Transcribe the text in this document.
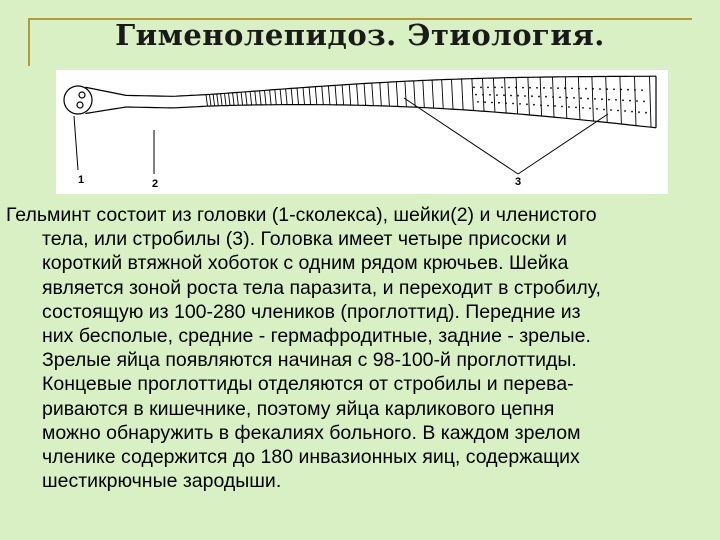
Гименолепидоз. Этиология.
1	2	3
Гельминт состоит из головки (1-сколекса), шейки(2) и членистого
тела, или стробилы (3). Головка имеет четыре присоски и
короткий втяжной хоботок с одним рядом крючьев. Шейка
является зоной роста тела паразита, и переходит в стробилу,
состоящую из 100-280 члеников (проглоттид). Передние из
них бесполые, средние - гермафродитные, задние - зрелые.
Зрелые яйца появляются начиная с 98-100-й проглоттиды.
Концевые проглоттиды отделяются от стробилы и перева-
риваются в кишечнике, поэтому яйца карликового цепня
можно обнаружить в фекалиях больного. В каждом зрелом
членике содержится до 180 инвазионных яиц, содержащих
шестикрючные зародыши.
